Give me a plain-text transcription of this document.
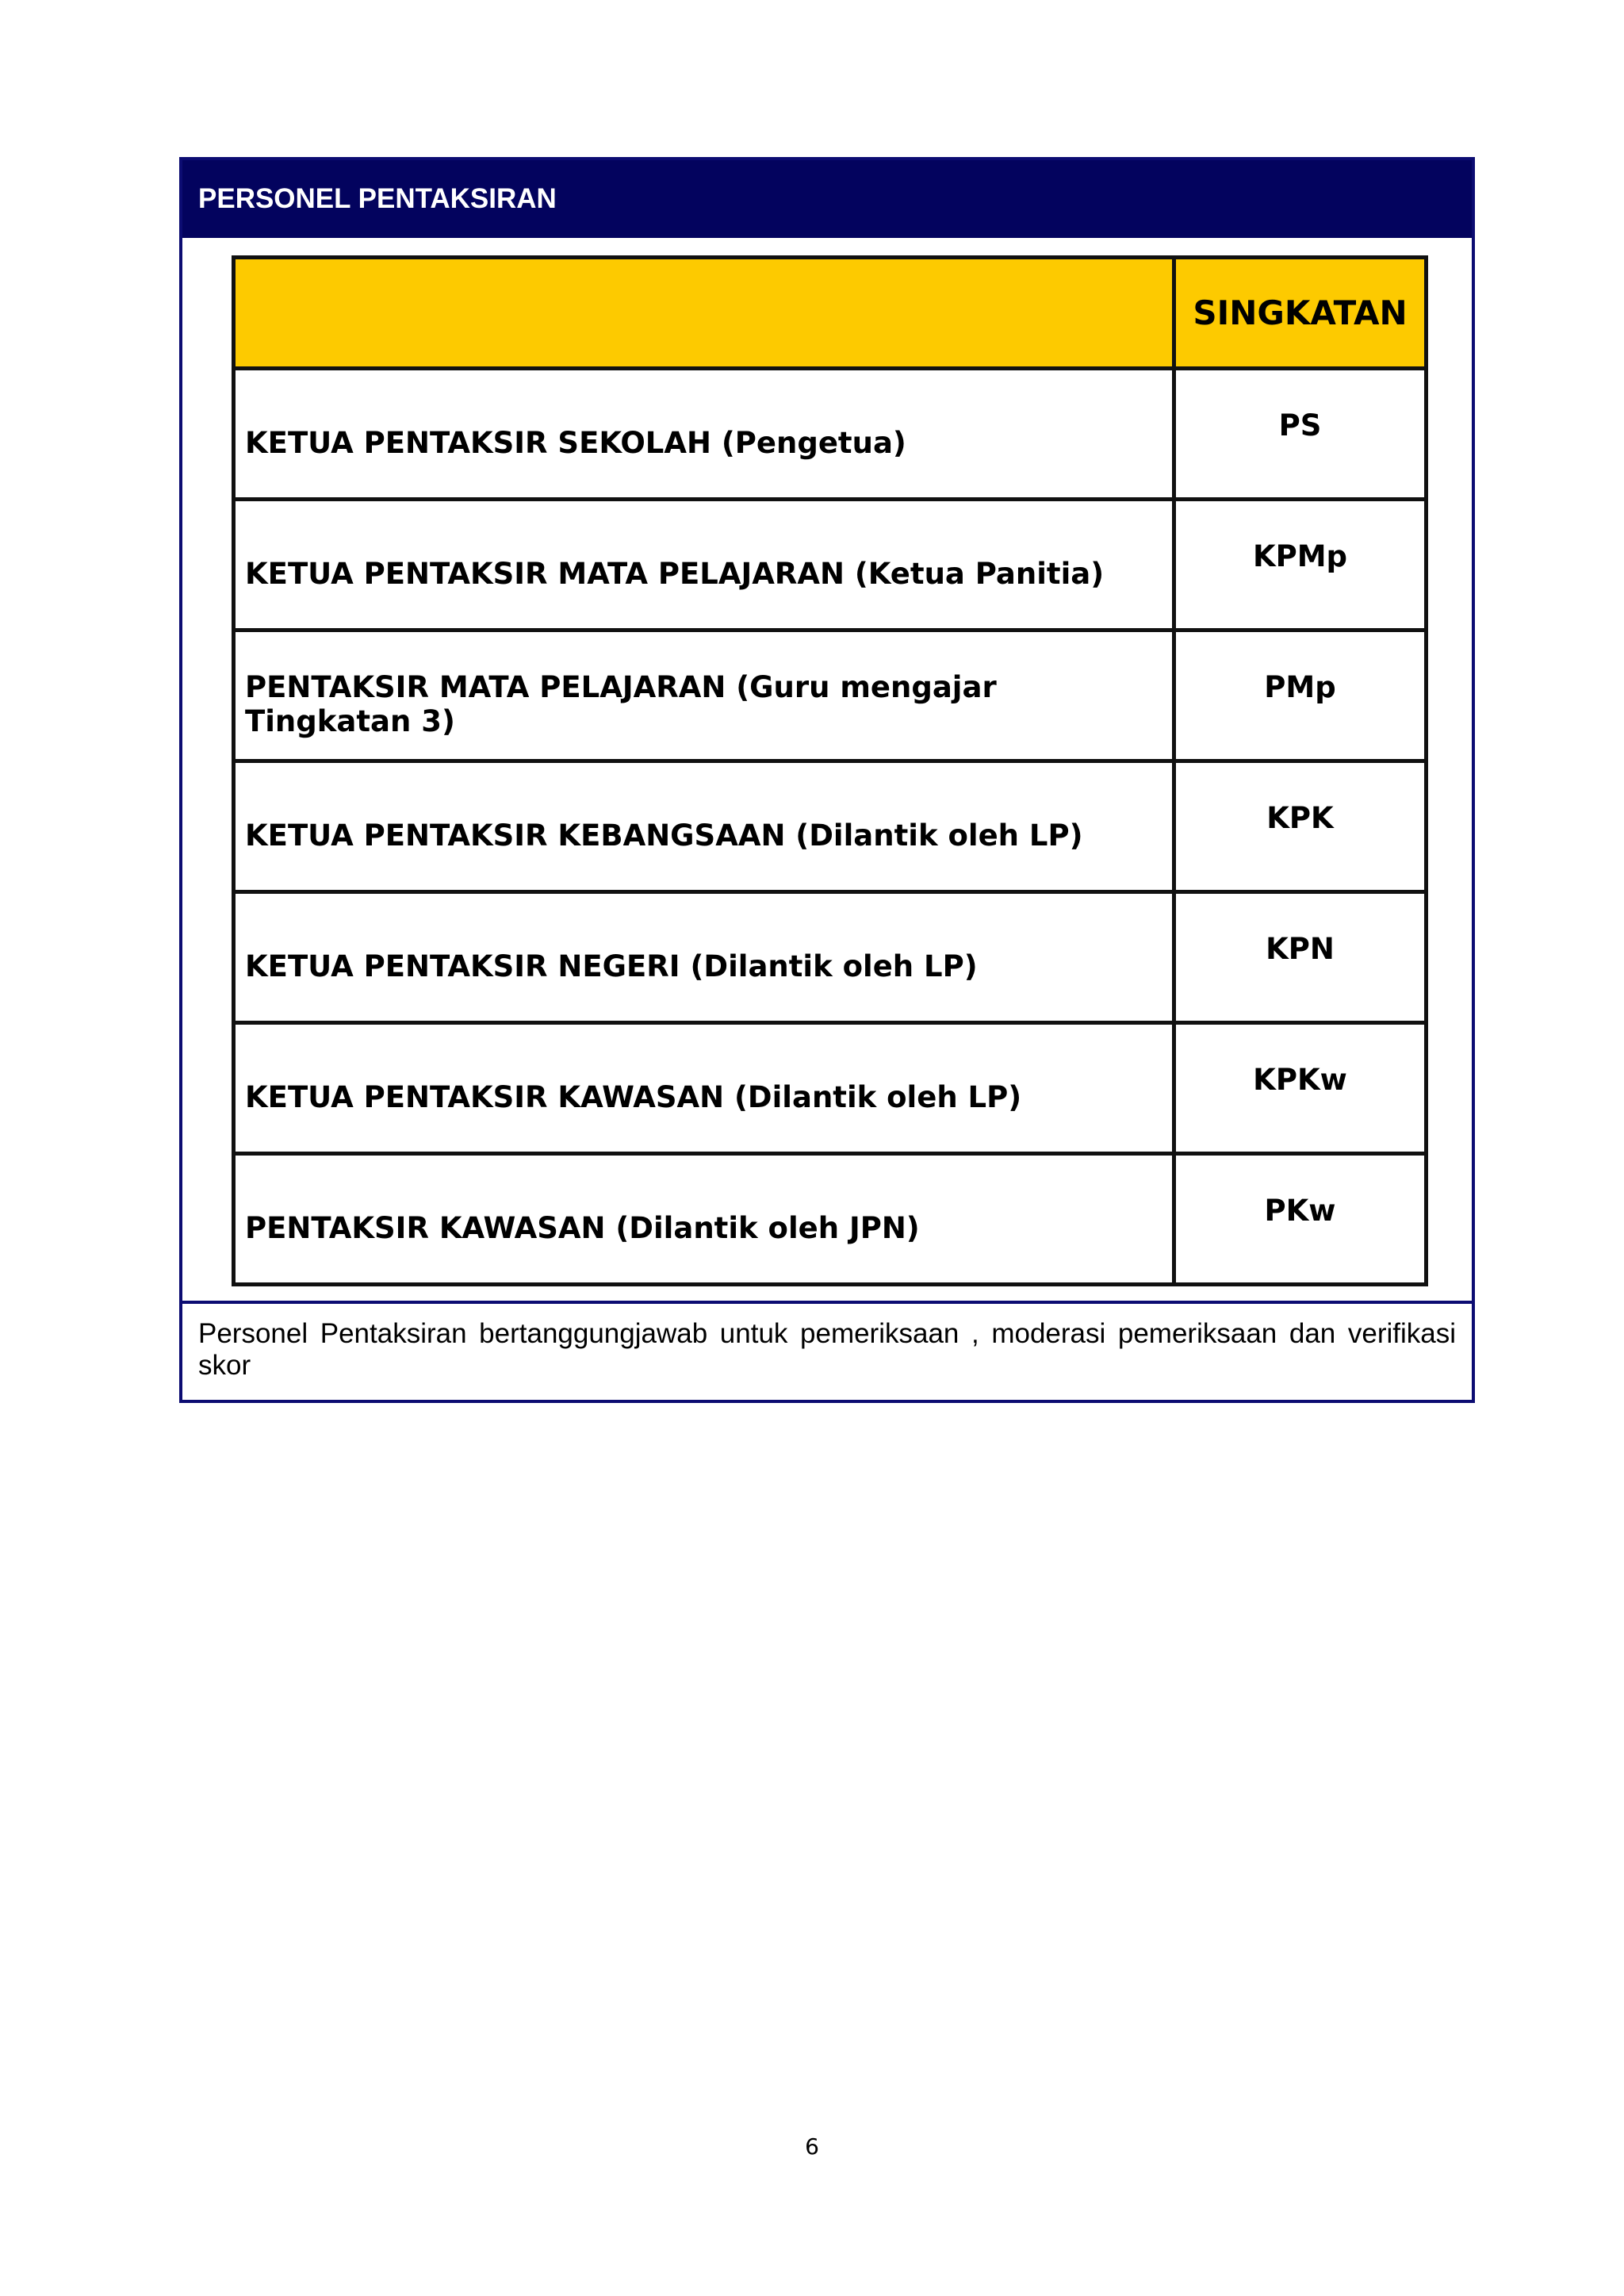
PERSONEL PENTAKSIRAN
	SINGKATAN
KETUA PENTAKSIR SEKOLAH (Pengetua)	PS
KETUA PENTAKSIR MATA PELAJARAN (Ketua Panitia)	KPMp
PENTAKSIR MATA PELAJARAN (Guru mengajar Tingkatan 3)	PMp
KETUA PENTAKSIR KEBANGSAAN (Dilantik oleh LP)	KPK
KETUA PENTAKSIR NEGERI (Dilantik oleh LP)	KPN
KETUA PENTAKSIR KAWASAN (Dilantik oleh LP)	KPKw
PENTAKSIR KAWASAN (Dilantik oleh JPN)	PKw
Personel Pentaksiran bertanggungjawab untuk pemeriksaan , moderasi pemeriksaan dan verifikasi skor
6
